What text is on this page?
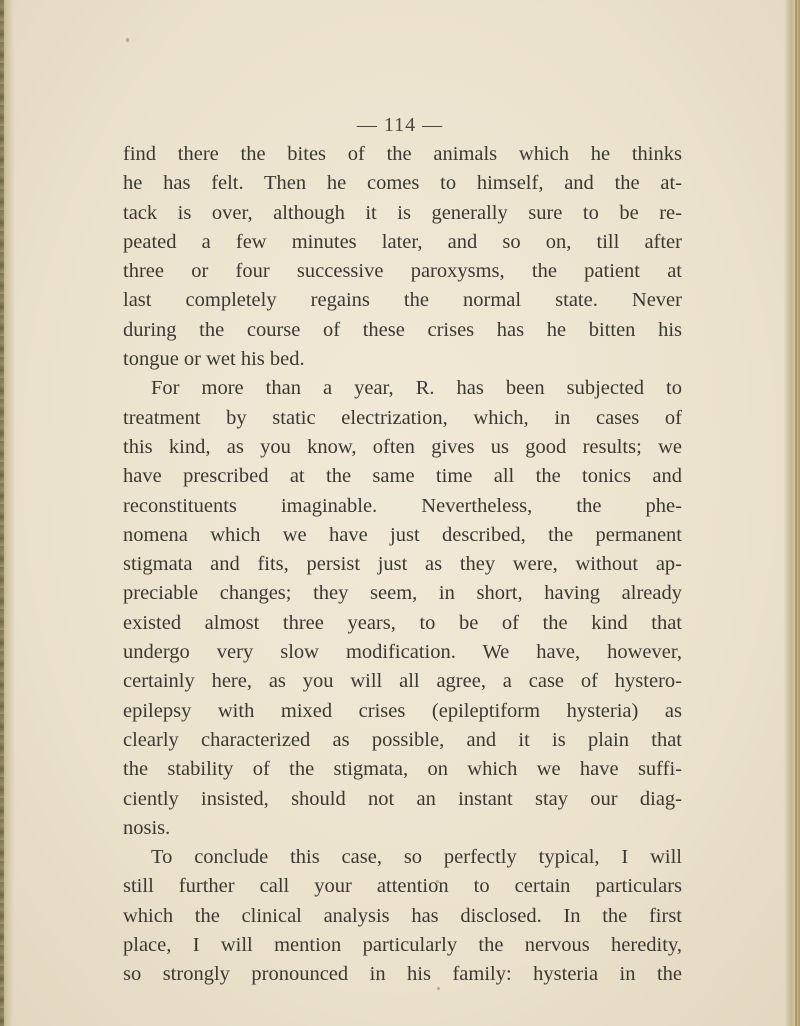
— 114 —
find there the bites of the animals which he thinks
he has felt. Then he comes to himself, and the at-
tack is over, although it is generally sure to be re-
peated a few minutes later, and so on, till after
three or four successive paroxysms, the patient at
last completely regains the normal state. Never
during the course of these crises has he bitten his
tongue or wet his bed.
For more than a year, R. has been subjected to
treatment by static electrization, which, in cases of
this kind, as you know, often gives us good results; we
have prescribed at the same time all the tonics and
reconstituents imaginable. Nevertheless, the phe-
nomena which we have just described, the permanent
stigmata and fits, persist just as they were, without ap-
preciable changes; they seem, in short, having already
existed almost three years, to be of the kind that
undergo very slow modification. We have, however,
certainly here, as you will all agree, a case of hystero-
epilepsy with mixed crises (epileptiform hysteria) as
clearly characterized as possible, and it is plain that
the stability of the stigmata, on which we have suffi-
ciently insisted, should not an instant stay our diag-
nosis.
To conclude this case, so perfectly typical, I will
still further call your attention to certain particulars
which the clinical analysis has disclosed. In the first
place, I will mention particularly the nervous heredity,
so strongly pronounced in his family: hysteria in the
